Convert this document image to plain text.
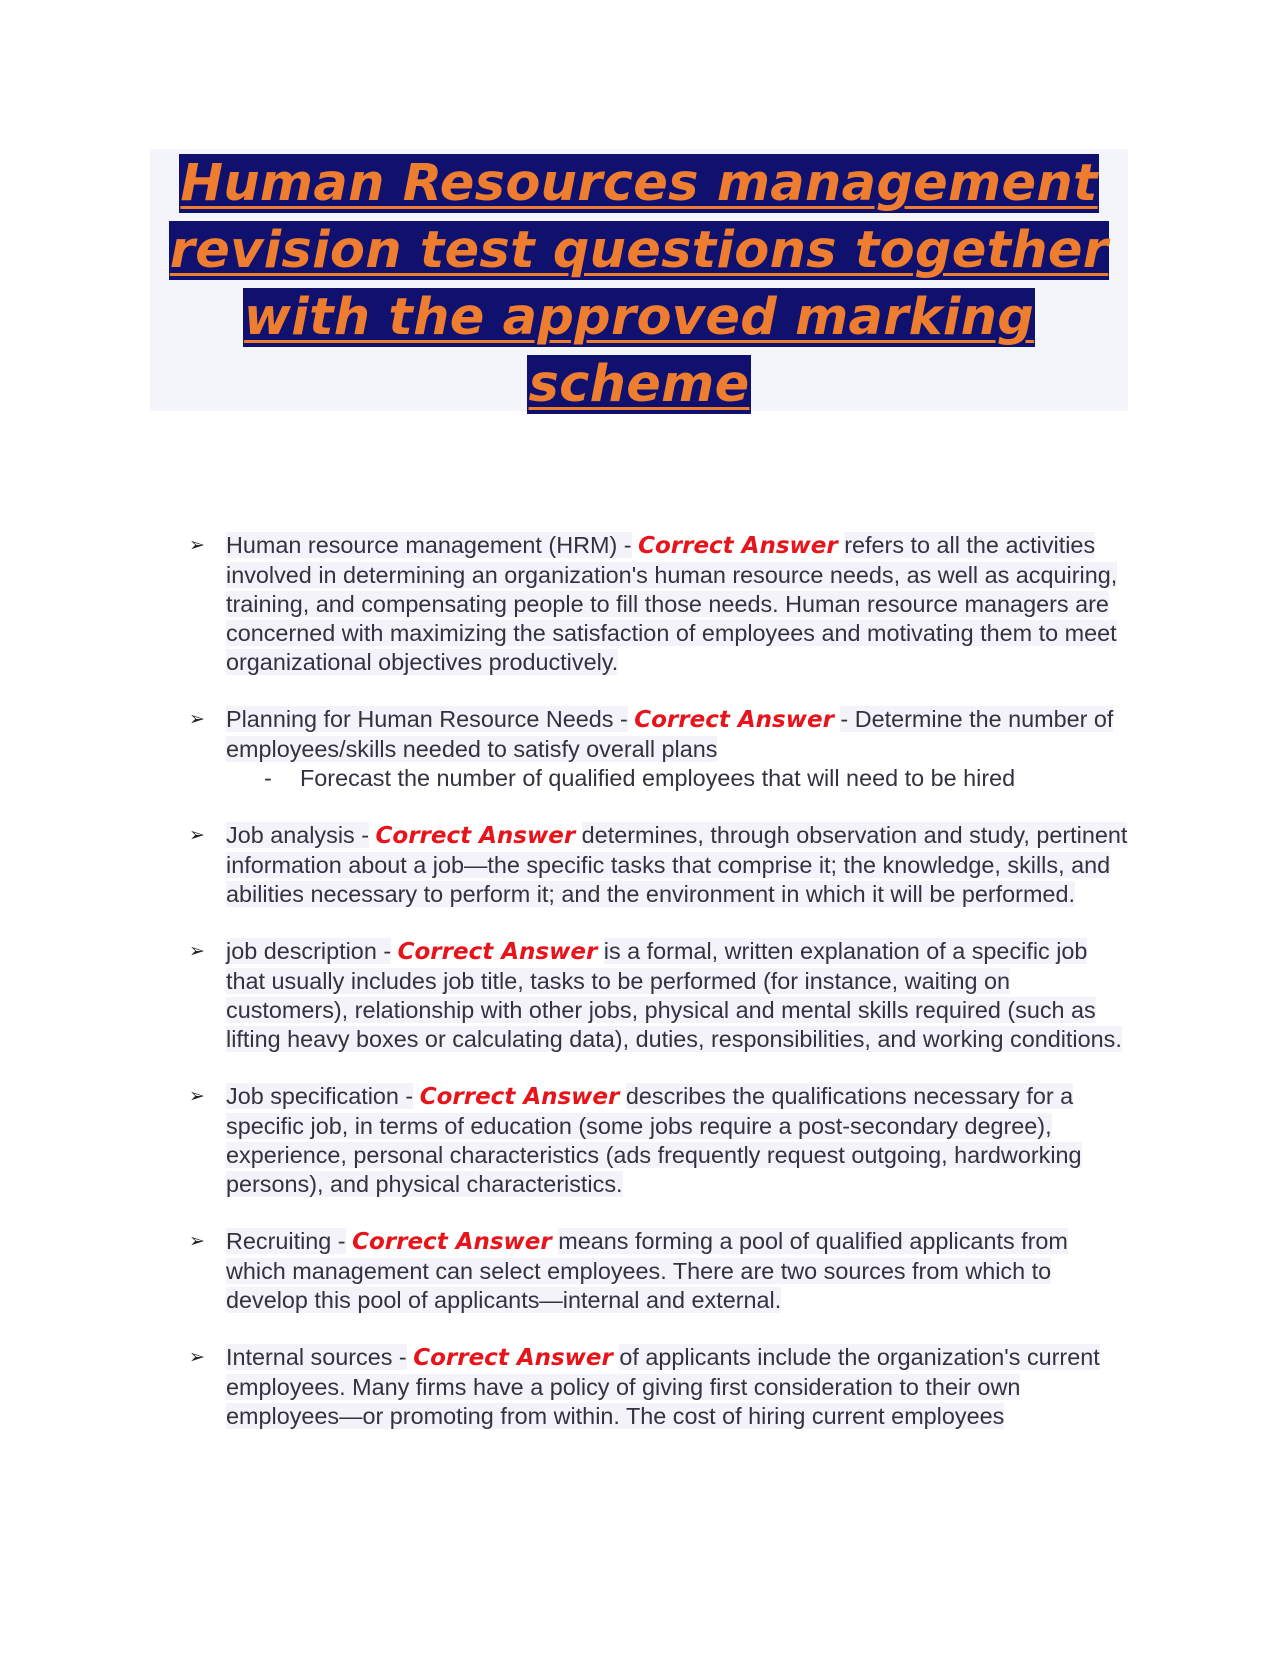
Human Resources management
revision test questions together
with the approved marking
scheme

➢ Human resource management (HRM) - Correct Answer refers to all the activities involved in determining an organization's human resource needs, as well as acquiring, training, and compensating people to fill those needs. Human resource managers are concerned with maximizing the satisfaction of employees and motivating them to meet organizational objectives productively.
➢ Planning for Human Resource Needs - Correct Answer - Determine the number of employees/skills needed to satisfy overall plans
- Forecast the number of qualified employees that will need to be hired
➢ Job analysis - Correct Answer determines, through observation and study, pertinent information about a job—the specific tasks that comprise it; the knowledge, skills, and abilities necessary to perform it; and the environment in which it will be performed.
➢ job description - Correct Answer is a formal, written explanation of a specific job that usually includes job title, tasks to be performed (for instance, waiting on customers), relationship with other jobs, physical and mental skills required (such as lifting heavy boxes or calculating data), duties, responsibilities, and working conditions.
➢ Job specification - Correct Answer describes the qualifications necessary for a specific job, in terms of education (some jobs require a post-secondary degree), experience, personal characteristics (ads frequently request outgoing, hardworking persons), and physical characteristics.
➢ Recruiting - Correct Answer means forming a pool of qualified applicants from which management can select employees. There are two sources from which to develop this pool of applicants—internal and external.
➢ Internal sources - Correct Answer of applicants include the organization's current employees. Many firms have a policy of giving first consideration to their own employees—or promoting from within. The cost of hiring current employees
